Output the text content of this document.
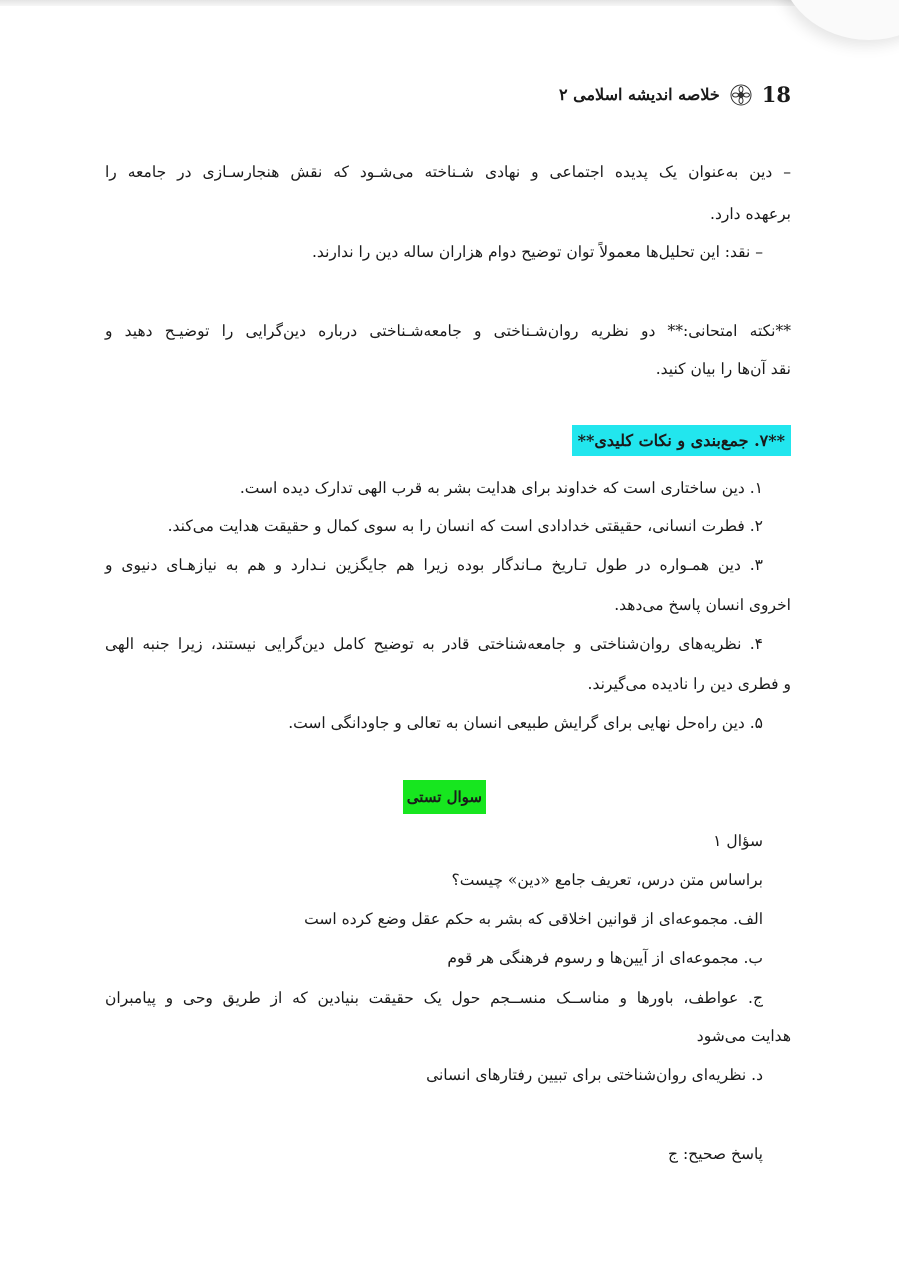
18
خلاصه اندیشه اسلامی ۲
– دین به‌عنوان یک پدیده اجتماعی و نهادی شـناخته می‌شـود که نقش هنجارسـازی در جامعه را
برعهده دارد.
– نقد: این تحلیل‌ها معمولاً توان توضیح دوام هزاران ساله دین را ندارند.
**نکته امتحانی:** دو نظریه روان‌شـناختی و جامعه‌شـناختی درباره دین‌گرایی را توضیـح دهید و
نقد آن‌ها را بیان کنید.
**۷. جمع‌بندی و نکات کلیدی**
۱. دین ساختاری است که خداوند برای هدایت بشر به قرب الهی تدارک دیده است.
۲. فطرت انسانی، حقیقتی خدادادی است که انسان را به سوی کمال و حقیقت هدایت می‌کند.
۳. دین همـواره در طول تـاریخ مـاندگار بوده زیرا هم جایگزین نـدارد و هم به نیازهـای دنیوی و
اخروی انسان پاسخ می‌دهد.
۴. نظریه‌های روان‌شناختی و جامعه‌شناختی قادر به توضیح کامل دین‌گرایی نیستند، زیرا جنبه الهی
و فطری دین را نادیده می‌گیرند.
۵. دین راه‌حل نهایی برای گرایش طبیعی انسان به تعالی و جاودانگی است.
سوال تستی
سؤال ۱
براساس متن درس، تعریف جامع «دین» چیست؟
الف. مجموعه‌ای از قوانین اخلاقی که بشر به حکم عقل وضع کرده است
ب. مجموعه‌ای از آیین‌ها و رسوم فرهنگی هر قوم
ج. عواطف، باورها و مناســک منســجم حول یک حقیقت بنیادین که از طریق وحی و پیامبران
هدایت می‌شود
د. نظریه‌ای روان‌شناختی برای تبیین رفتارهای انسانی
پاسخ صحیح: ج
